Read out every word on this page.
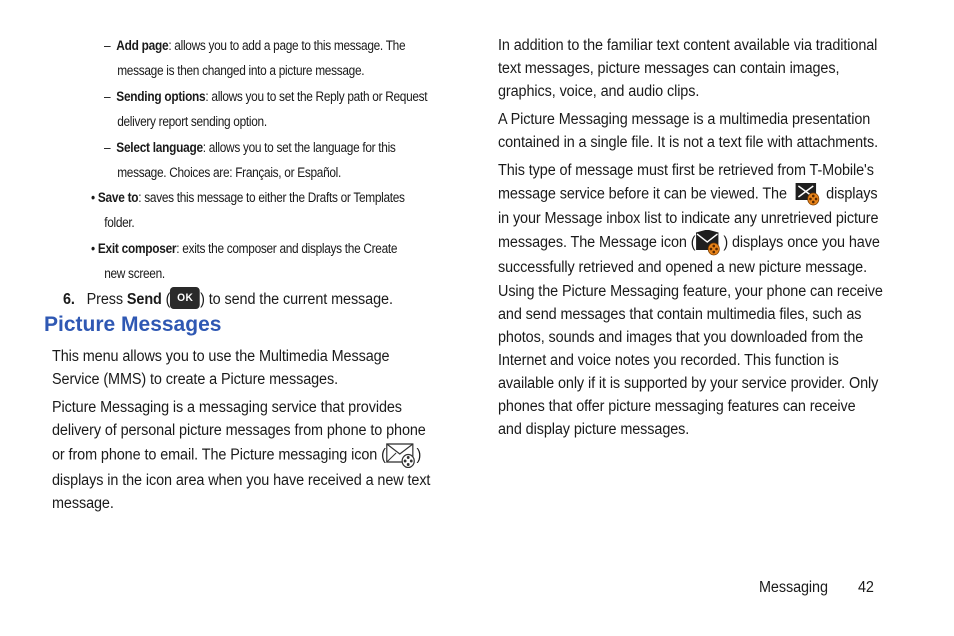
– Add page: allows you to add a page to this message. The
message is then changed into a picture message.
– Sending options: allows you to set the Reply path or Request
delivery report sending option.
– Select language: allows you to set the language for this
message. Choices are: Français, or Español.
• Save to: saves this message to either the Drafts or Templates
folder.
• Exit composer: exits the composer and displays the Create
new screen.
6. Press Send ( OK ) to send the current message.
Picture Messages
This menu allows you to use the Multimedia Message
Service (MMS) to create a Picture messages.
Picture Messaging is a messaging service that provides
delivery of personal picture messages from phone to phone
or from phone to email. The Picture messaging icon ( )
displays in the icon area when you have received a new text
message.
In addition to the familiar text content available via traditional
text messages, picture messages can contain images,
graphics, voice, and audio clips.
A Picture Messaging message is a multimedia presentation
contained in a single file. It is not a text file with attachments.
This type of message must first be retrieved from T-Mobile's
message service before it can be viewed. The	displays
in your Message inbox list to indicate any unretrieved picture
messages. The Message icon ( ) displays once you have
successfully retrieved and opened a new picture message.
Using the Picture Messaging feature, your phone can receive
and send messages that contain multimedia files, such as
photos, sounds and images that you downloaded from the
Internet and voice notes you recorded. This function is
available only if it is supported by your service provider. Only
phones that offer picture messaging features can receive
and display picture messages.
Messaging 42
